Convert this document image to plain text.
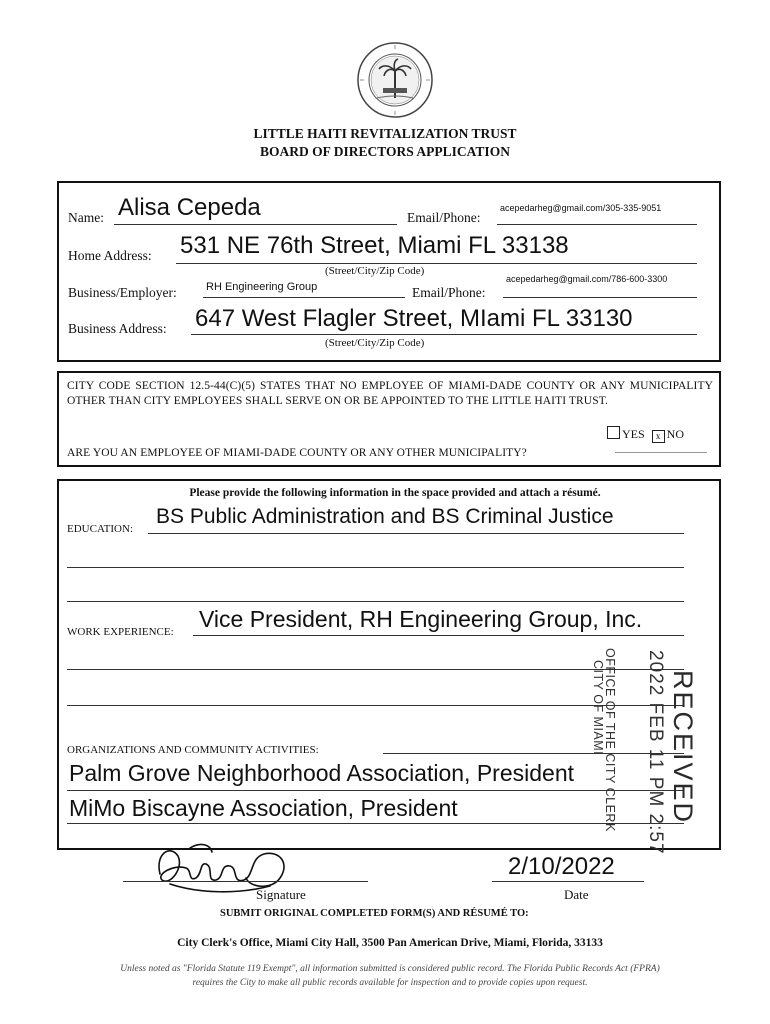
LITTLE HAITI REVITALIZATION TRUST
BOARD OF DIRECTORS APPLICATION
Name: Alisa Cepeda	Email/Phone:
acepedarheg@gmail.com/305-335-9051
Home Address: 531 NE 76th Street, Miami FL 33138
(Street/City/Zip Code)
Business/Employer:	RH Engineering Group	Email/Phone:
acepedarheg@gmail.com/786-600-3300
Business Address: 647 West Flagler Street, MIami FL 33130
(Street/City/Zip Code)
CITY CODE SECTION 12.5-44(C)(5) STATES THAT NO EMPLOYEE OF MIAMI-DADE COUNTY OR ANY MUNICIPALITY OTHER THAN CITY EMPLOYEES SHALL SERVE ON OR BE APPOINTED TO THE LITTLE HAITI TRUST.
YES x NO
ARE YOU AN EMPLOYEE OF MIAMI-DADE COUNTY OR ANY OTHER MUNICIPALITY?
Please provide the following information in the space provided and attach a résumé.
EDUCATION:
BS Public Administration and BS Criminal Justice
WORK EXPERIENCE: Vice President, RH Engineering Group, Inc.
ORGANIZATIONS AND COMMUNITY ACTIVITIES:
Palm Grove Neighborhood Association, President
MiMo Biscayne Association, President	RECEIVED
2022 FEB 11 PM 2:57
OFFICE OF THE CITY CLERK
CITY OF MIAMI
Signature
2/10/2022
Date
SUBMIT ORIGINAL COMPLETED FORM(S) AND RÉSUMÉ TO:
City Clerk's Office, Miami City Hall, 3500 Pan American Drive, Miami, Florida, 33133
Unless noted as "Florida Statute 119 Exempt", all information submitted is considered public record. The Florida Public Records Act (FPRA)
requires the City to make all public records available for inspection and to provide copies upon request.
